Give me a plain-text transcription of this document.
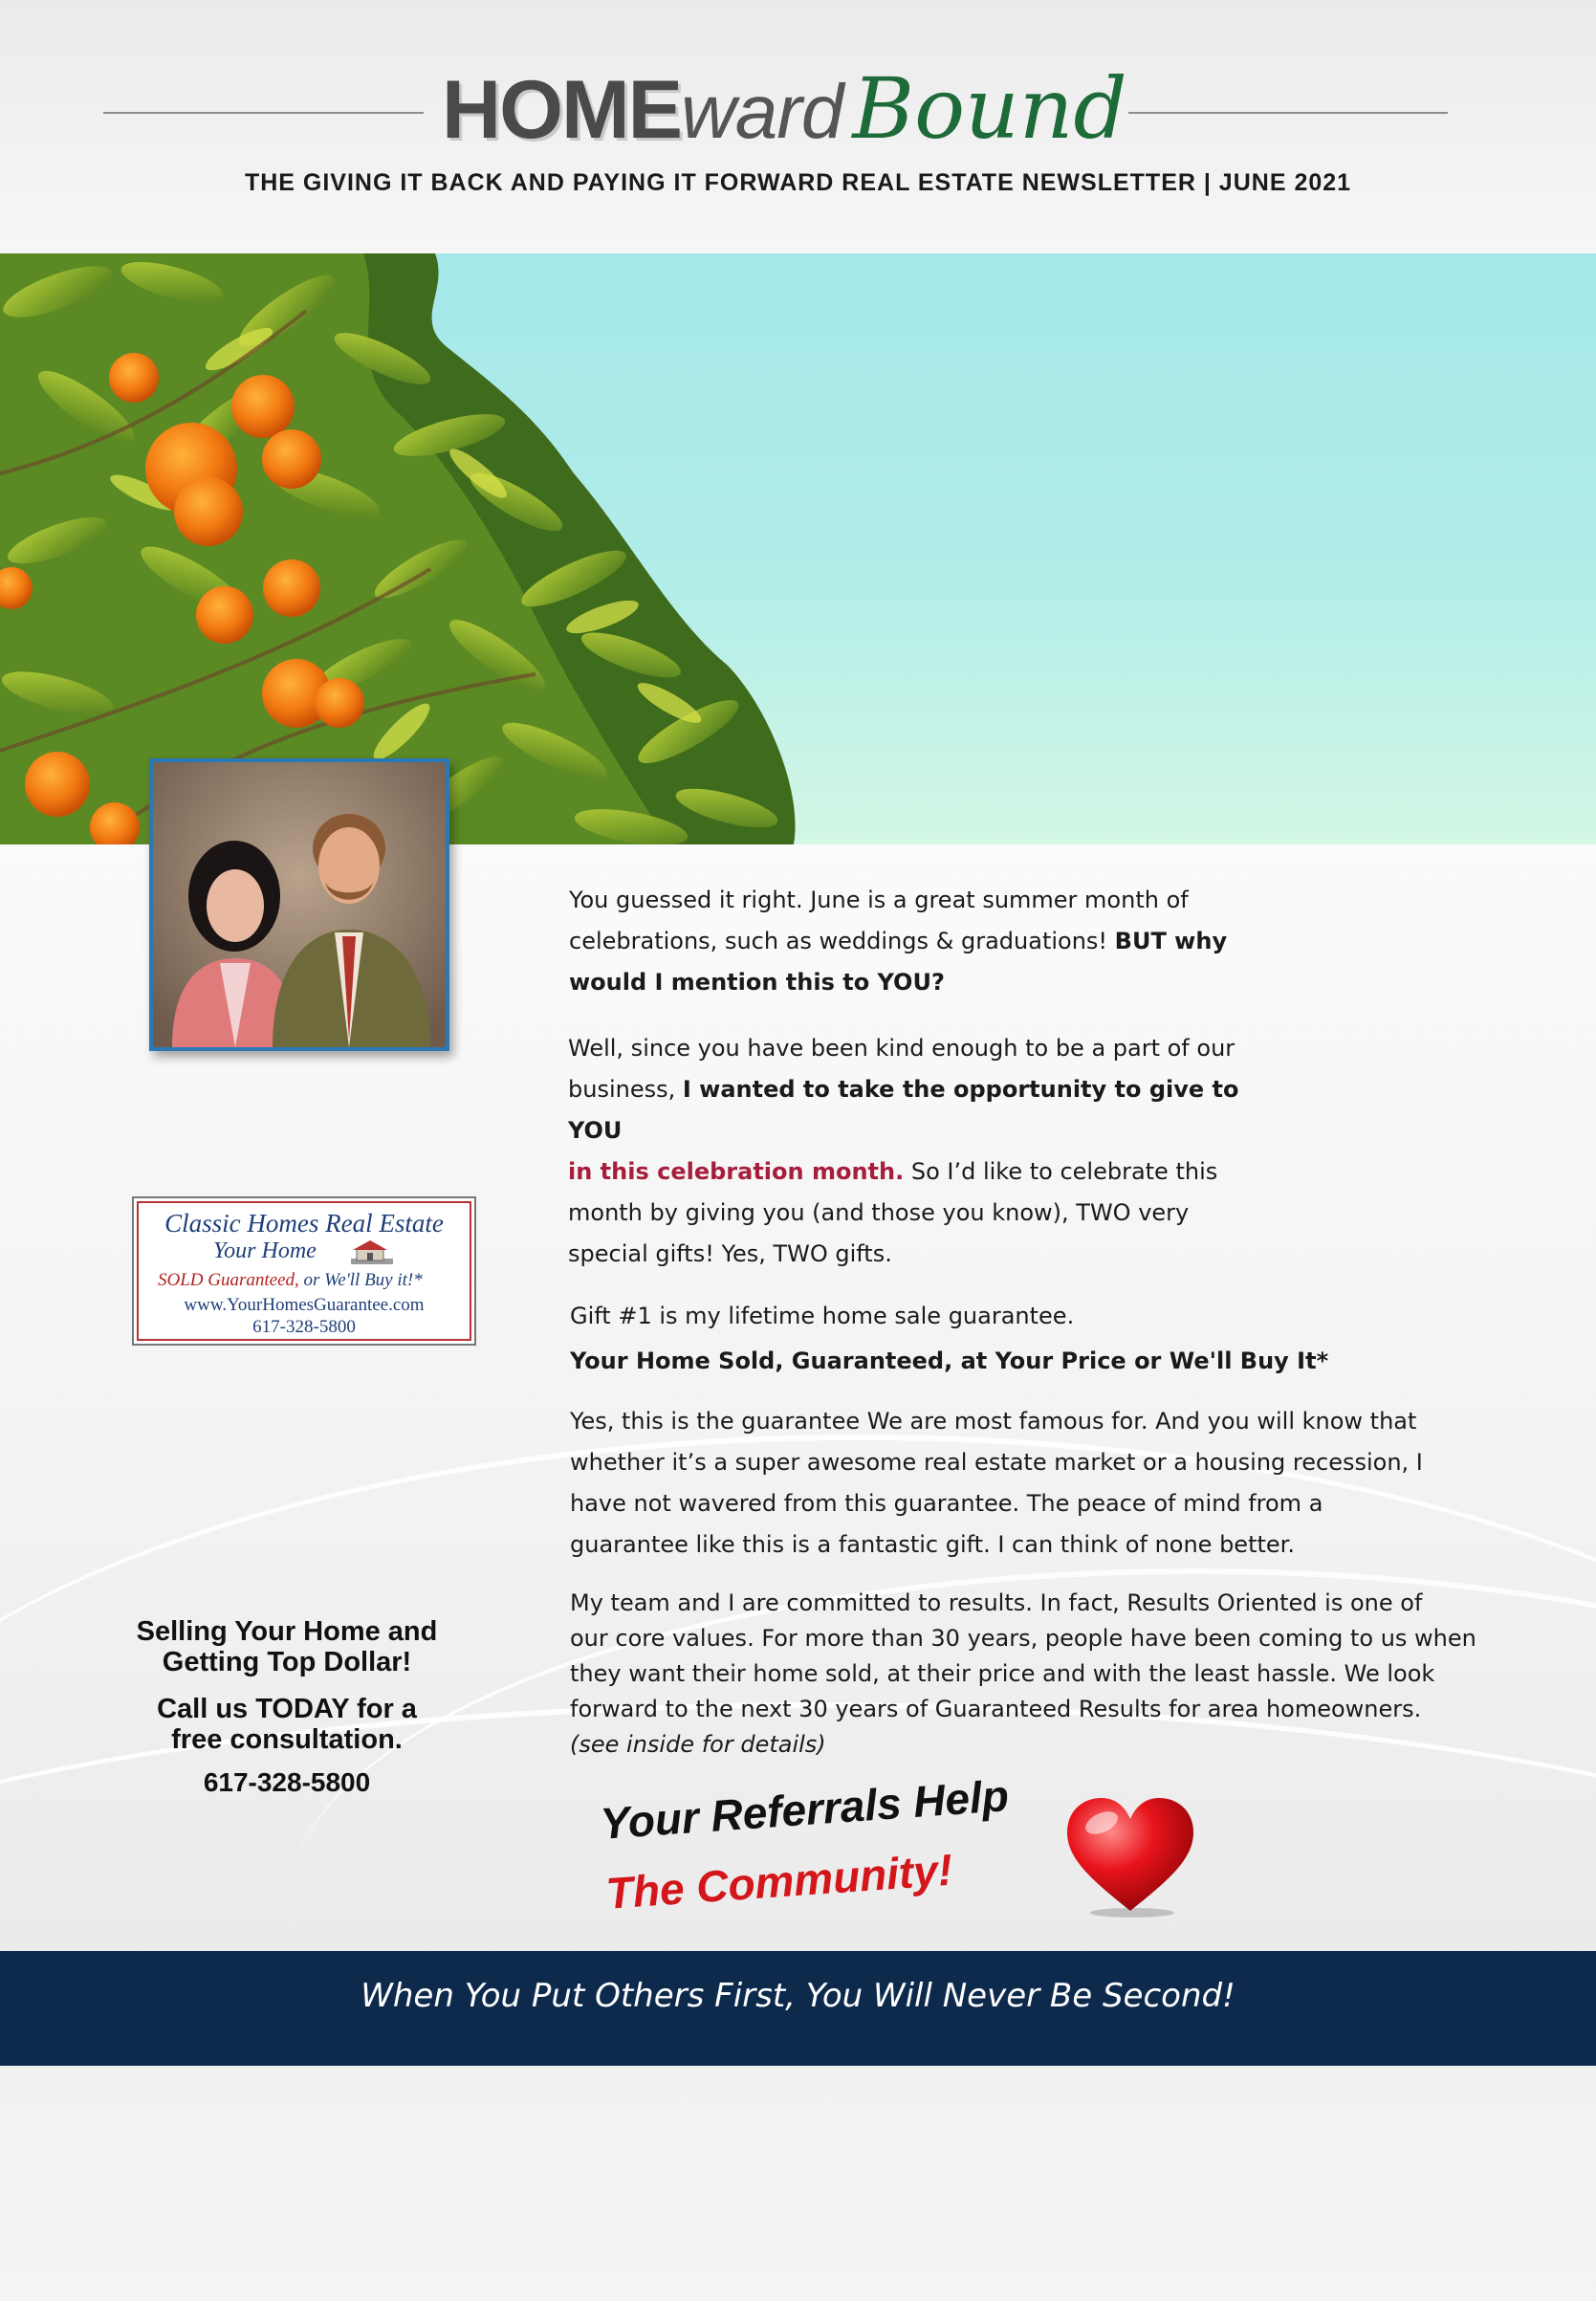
HOMEward Bound
THE GIVING IT BACK AND PAYING IT FORWARD REAL ESTATE NEWSLETTER | JUNE 2021
Classic Homes Real Estate
Your Home
SOLD Guaranteed, or We'll Buy it!*
www.YourHomesGuarantee.com
617-328-5800
Selling Your Home and
Getting Top Dollar!
Call us TODAY for a
free consultation.
617-328-5800
You guessed it right. June is a great summer month of
celebrations, such as weddings & graduations! BUT why
would I mention this to YOU?
Well, since you have been kind enough to be a part of our
business, I wanted to take the opportunity to give to YOU
in this celebration month. So I’d like to celebrate this
month by giving you (and those you know), TWO very
special gifts! Yes, TWO gifts.
Gift #1 is my lifetime home sale guarantee.
Your Home Sold, Guaranteed, at Your Price or We'll Buy It*
Yes, this is the guarantee We are most famous for. And you will know that
whether it’s a super awesome real estate market or a housing recession, I
have not wavered from this guarantee. The peace of mind from a
guarantee like this is a fantastic gift. I can think of none better.
My team and I are committed to results. In fact, Results Oriented is one of
our core values. For more than 30 years, people have been coming to us when
they want their home sold, at their price and with the least hassle. We look
forward to the next 30 years of Guaranteed Results for area homeowners.
(see inside for details)
Your Referrals Help
The Community!
When You Put Others First, You Will Never Be Second!
